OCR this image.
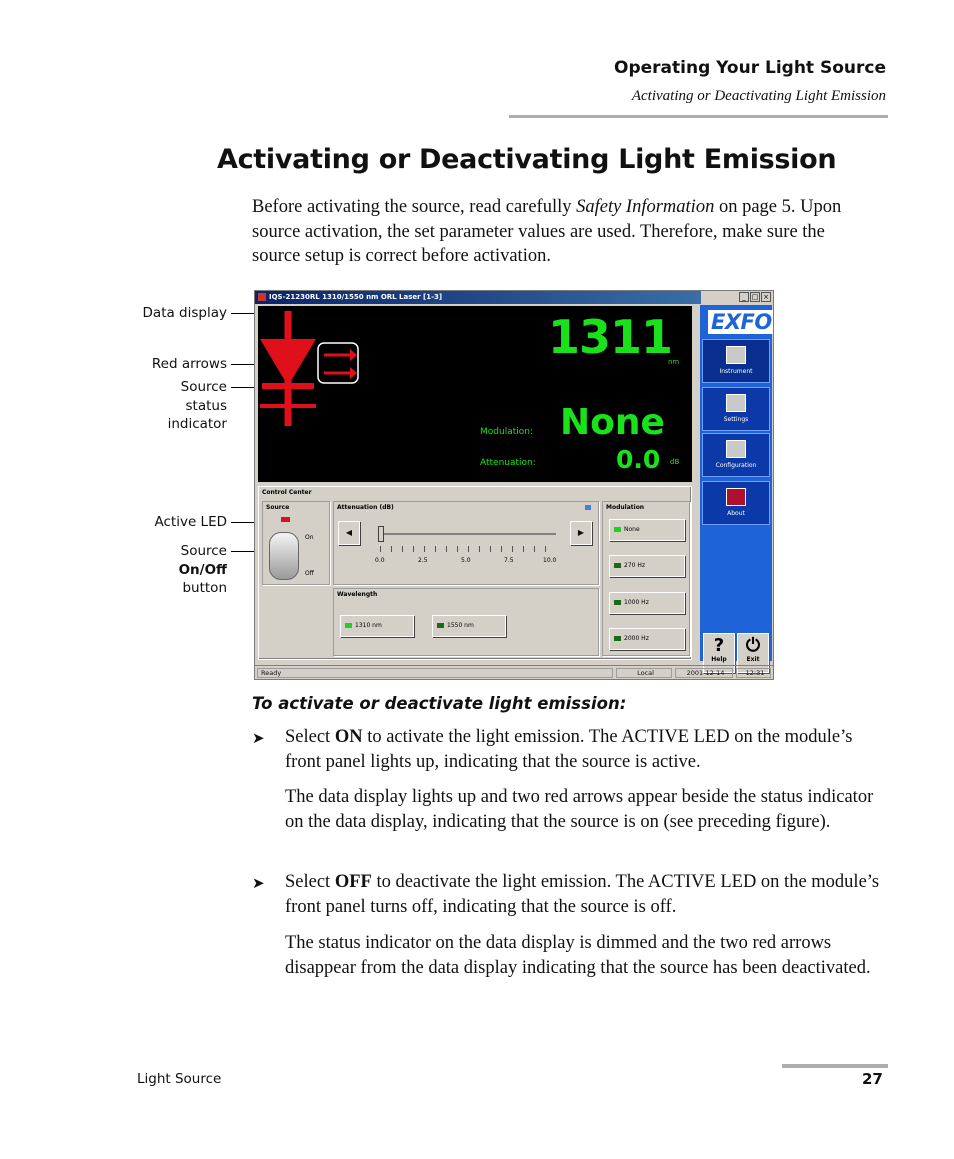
Operating Your Light Source
Activating or Deactivating Light Emission
Activating or Deactivating Light Emission
Before activating the source, read carefully Safety Information on page 5. Upon source activation, the set parameter values are used. Therefore, make sure the source setup is correct before activation.
Data display
Red arrows
Source
status
indicator
Active LED
Source
On/Off
button
IQS-21230RL 1310/1550 nm ORL Laser [1-3]	_ □ ×
1311
nm
Modulation: None
Attenuation:	0.0 dB
EXFO
Instrument
Settings
Configuration
About
?
Help
⏻
Exit
Control Center
Source
On
Off
Attenuation (dB)
◀	▶
0.0	2.5	5.0	7.5	10.0
Wavelength
1310 nm	1550 nm
Modulation
None
270 Hz
1000 Hz
2000 Hz
Ready	Local	2001-12-14	12:31
To activate or deactivate light emission:
➤ Select ON to activate the light emission. The ACTIVE LED on the module’s front panel lights up, indicating that the source is active.
The data display lights up and two red arrows appear beside the status indicator on the data display, indicating that the source is on (see preceding figure).
➤ Select OFF to deactivate the light emission. The ACTIVE LED on the module’s front panel turns off, indicating that the source is off.
The status indicator on the data display is dimmed and the two red arrows disappear from the data display indicating that the source has been deactivated.
Light Source	27
